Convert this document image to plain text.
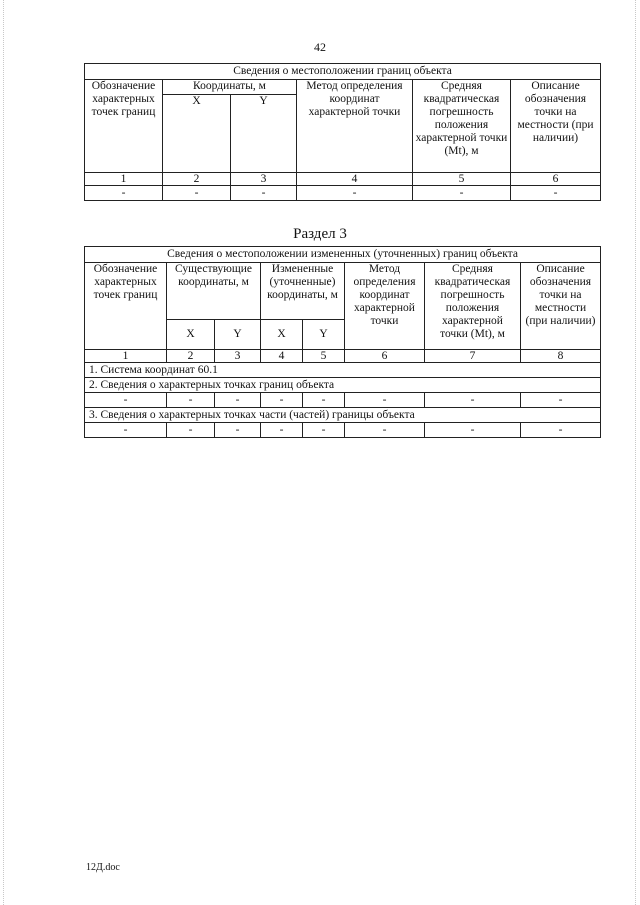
42
Сведения о местоположении границ объекта					
Обозначение характерных точек границ	Координаты, м		Метод определения координат характерной точки	Средняя квадратическая погрешность положения характерной точки (Mt), м	Описание обозначения точки на местности (при наличии)
	X	Y			
1	2	3	4	5	6
-	-	-	-	-	-
Раздел 3
Сведения о местоположении измененных (уточненных) границ объекта							
Обозначение характерных точек границ	Существующие координаты, м		Измененные (уточненные) координаты, м		Метод определения координат характерной точки	Средняя квадратическая погрешность положения характерной точки (Mt), м	Описание обозначения точки на местности (при наличии)
	X	Y	X	Y			
1	2	3	4	5	6	7	8
1. Система координат 60.1							
2. Сведения о характерных точках границ объекта							
-	-	-	-	-	-	-	-
3. Сведения о характерных точках части (частей) границы объекта							
-	-	-	-	-	-	-	-
12Д.doc
